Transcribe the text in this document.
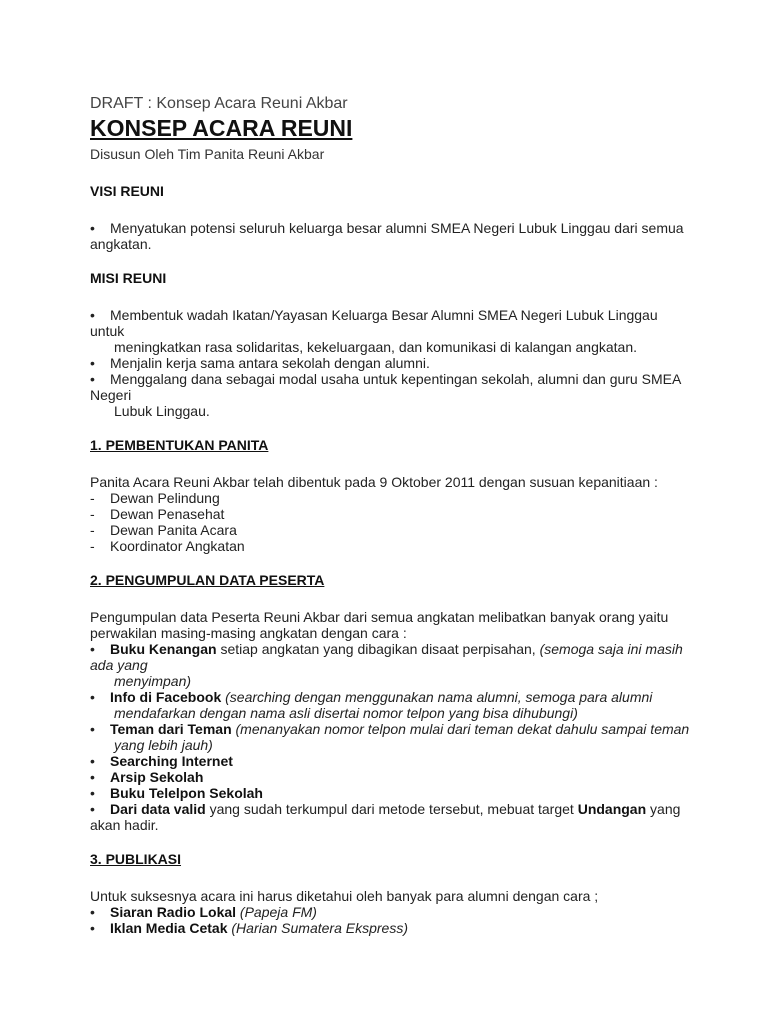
DRAFT : Konsep Acara Reuni Akbar
KONSEP ACARA REUNI
Disusun Oleh Tim Panita Reuni Akbar
VISI REUNI
• Menyatukan potensi seluruh keluarga besar alumni SMEA Negeri Lubuk Linggau dari semua angkatan.
MISI REUNI
• Membentuk wadah Ikatan/Yayasan Keluarga Besar Alumni SMEA Negeri Lubuk Linggau untuk
meningkatkan rasa solidaritas, kekeluargaan, dan komunikasi di kalangan angkatan.
• Menjalin kerja sama antara sekolah dengan alumni.
• Menggalang dana sebagai modal usaha untuk kepentingan sekolah, alumni dan guru SMEA Negeri
Lubuk Linggau.
1. PEMBENTUKAN PANITA
Panita Acara Reuni Akbar telah dibentuk pada 9 Oktober 2011 dengan susuan kepanitiaan :
- Dewan Pelindung
- Dewan Penasehat
- Dewan Panita Acara
- Koordinator Angkatan
2. PENGUMPULAN DATA PESERTA
Pengumpulan data Peserta Reuni Akbar dari semua angkatan melibatkan banyak orang yaitu perwakilan masing-masing angkatan dengan cara :
• Buku Kenangan setiap angkatan yang dibagikan disaat perpisahan, (semoga saja ini masih ada yang
menyimpan)
• Info di Facebook (searching dengan menggunakan nama alumni, semoga para alumni
mendafarkan dengan nama asli disertai nomor telpon yang bisa dihubungi)
• Teman dari Teman (menanyakan nomor telpon mulai dari teman dekat dahulu sampai teman
yang lebih jauh)
• Searching Internet
• Arsip Sekolah
• Buku Telelpon Sekolah
• Dari data valid yang sudah terkumpul dari metode tersebut, mebuat target Undangan yang akan hadir.
3. PUBLIKASI
Untuk suksesnya acara ini harus diketahui oleh banyak para alumni dengan cara ;
• Siaran Radio Lokal (Papeja FM)
• Iklan Media Cetak (Harian Sumatera Ekspress)
